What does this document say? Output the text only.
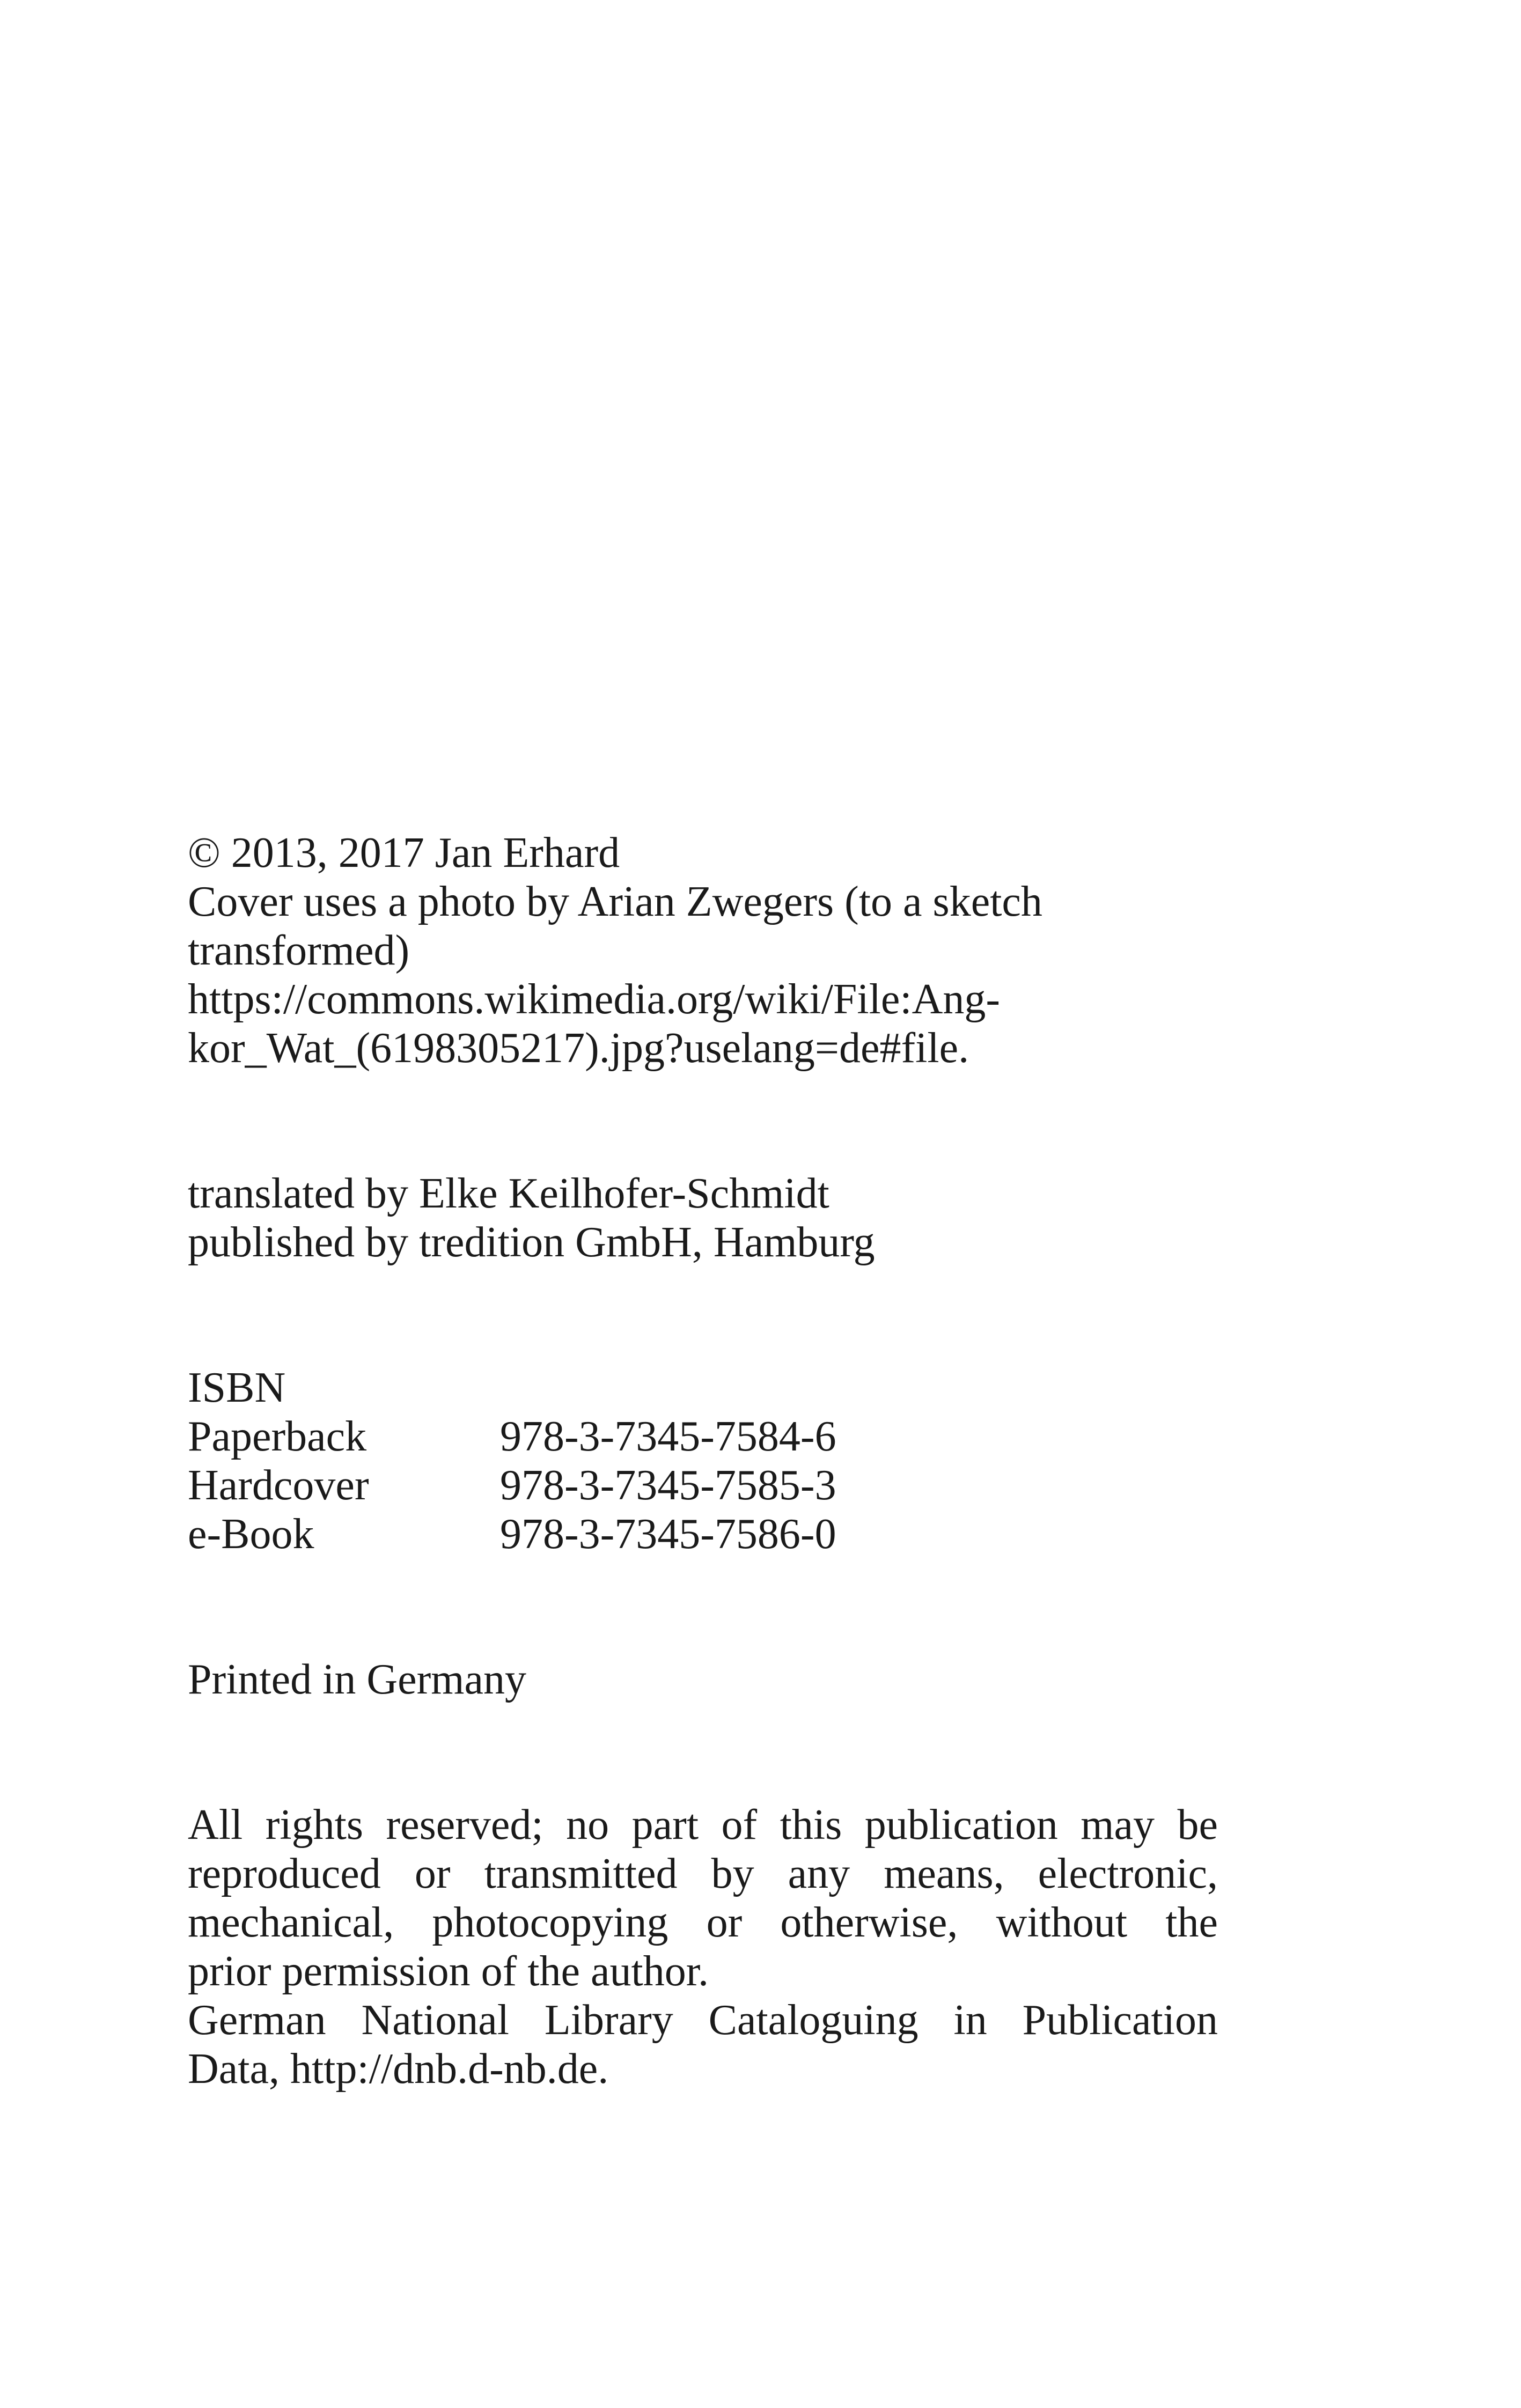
© 2013, 2017 Jan Erhard

Cover uses a photo by Arian Zwegers (to a sketch

transformed)

https://commons.wikimedia.org/wiki/File:Ang-

kor_Wat_(6198305217).jpg?uselang=de#file.

translated by Elke Keilhofer-Schmidt

published by tredition GmbH, Hamburg

ISBN

Paperback	978-3-7345-7584-6
Hardcover	978-3-7345-7585-3
e-Book	978-3-7345-7586-0

Printed in Germany

All rights reserved; no part of this publication may be

reproduced or transmitted by any means, electronic,

mechanical, photocopying or otherwise, without the

prior permission of the author.

German National Library Cataloguing in Publication

Data, http://dnb.d-nb.de.
